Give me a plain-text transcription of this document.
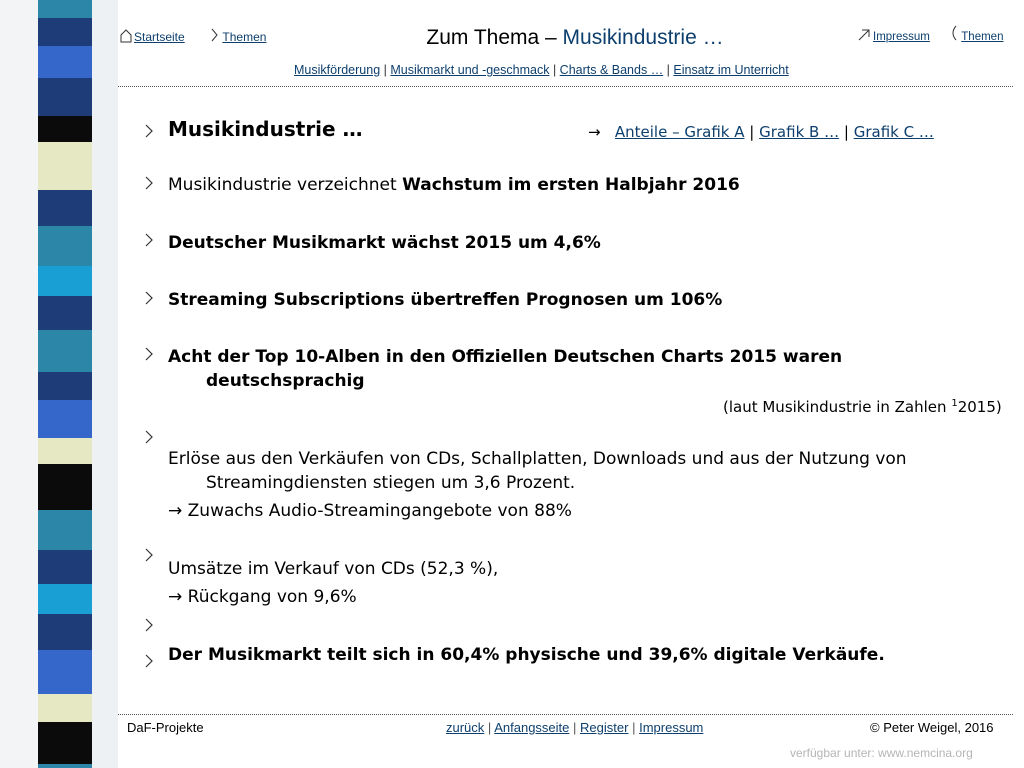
Startseite	Themen	Zum Thema – Musikindustrie …	Impressum	Themen
Musikförderung | Musikmarkt und -geschmack | Charts & Bands … | Einsatz im Unterricht
Musikindustrie …	→ Anteile – Grafik A | Grafik B … | Grafik C …
Musikindustrie verzeichnet Wachstum im ersten Halbjahr 2016
Deutscher Musikmarkt wächst 2015 um 4,6%
Streaming Subscriptions übertreffen Prognosen um 106%
Acht der Top 10-Alben in den Offiziellen Deutschen Charts 2015 waren
deutschsprachig
(laut Musikindustrie in Zahlen $^1$2015)
Erlöse aus den Verkäufen von CDs, Schallplatten, Downloads und aus der Nutzung von
Streamingdiensten stiegen um 3,6 Prozent.
→ Zuwachs Audio-Streamingangebote von 88%
Umsätze im Verkauf von CDs (52,3 %),
→ Rückgang von 9,6%
Der Musikmarkt teilt sich in 60,4% physische und 39,6% digitale Verkäufe.
DaF-Projekte	zurück | Anfangsseite | Register | Impressum	© Peter Weigel, 2016
verfügbar unter: www.nemcina.org
